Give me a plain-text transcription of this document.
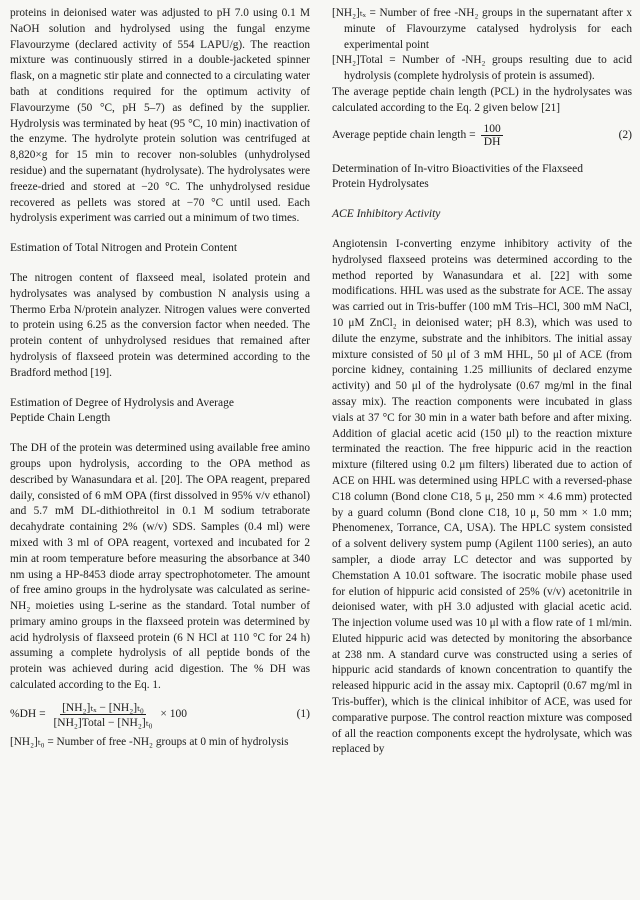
proteins in deionised water was adjusted to pH 7.0 using 0.1 M NaOH solution and hydrolysed using the fungal enzyme Flavourzyme (declared activity of 554 LAPU/g). The reaction mixture was continuously stirred in a double-jacketed spinner flask, on a magnetic stir plate and connected to a circulating water bath at conditions required for the optimum activity of Flavourzyme (50 °C, pH 5–7) as defined by the supplier. Hydrolysis was terminated by heat (95 °C, 10 min) inactivation of the enzyme. The hydrolyte protein solution was centrifuged at 8,820×g for 15 min to recover non-solubles (unhydrolysed residue) and the supernatant (hydrolysate). The hydrolysates were freeze-dried and stored at −20 °C. The unhydrolysed residue recovered as pellets was stored at −70 °C until used. Each hydrolysis experiment was carried out a minimum of two times.

Estimation of Total Nitrogen and Protein Content

The nitrogen content of flaxseed meal, isolated protein and hydrolysates was analysed by combustion N analysis using a Thermo Erba N/protein analyzer. Nitrogen values were converted to protein using 6.25 as the conversion factor when needed. The protein content of unhydrolysed residues that remained after hydrolysis of flaxseed protein was determined according to the Bradford method [19].

Estimation of Degree of Hydrolysis and Average
Peptide Chain Length

The DH of the protein was determined using available free amino groups upon hydrolysis, according to the OPA method as described by Wanasundara et al. [20]. The OPA reagent, prepared daily, consisted of 6 mM OPA (first dissolved in 95% v/v ethanol) and 5.7 mM DL-dithiothreitol in 0.1 M sodium tetraborate decahydrate containing 2% (w/v) SDS. Samples (0.4 ml) were mixed with 3 ml of OPA reagent, vortexed and incubated for 2 min at room temperature before measuring the absorbance at 340 nm using a HP-8453 diode array spectrophotometer. The amount of free amino groups in the hydrolysate was calculated as serine-NH₂ moieties using L-serine as the standard. Total number of primary amino groups in the flaxseed protein was determined by acid hydrolysis of flaxseed protein (6 N HCl at 110 °C for 24 h) assuming a complete hydrolysis of all peptide bonds of the protein was achieved during acid digestion. The % DH was calculated according to the Eq. 1.

$\%DH = \frac{\text{[NH₂]ₜₓ − [NH₂]ₜ₀}}{\text{[NH₂]Total − [NH₂]ₜ₀}} \times 100$	(1)

[NH₂]ₜ₀ = Number of free -NH₂ groups at 0 min of hydrolysis

[NH₂]ₜₓ = Number of free -NH₂ groups in the supernatant after x minute of Flavourzyme catalysed hydrolysis for each experimental point

[NH₂]Total = Number of -NH₂ groups resulting due to acid hydrolysis (complete hydrolysis of protein is assumed).

The average peptide chain length (PCL) in the hydrolysates was calculated according to the Eq. 2 given below [21]

Average peptide chain length = $\frac{100}{DH}$	(2)
Determination of In-vitro Bioactivities of the Flaxseed
Protein Hydrolysates
ACE Inhibitory Activity

Angiotensin I-converting enzyme inhibitory activity of the hydrolysed flaxseed proteins was determined according to the method reported by Wanasundara et al. [22] with some modifications. HHL was used as the substrate for ACE. The assay was carried out in Tris-buffer (100 mM Tris–HCl, 300 mM NaCl, 10 μM ZnCl₂ in deionised water; pH 8.3), which was used to dilute the enzyme, substrate and the inhibitors. The initial assay mixture consisted of 50 μl of 3 mM HHL, 50 μl of ACE (from porcine kidney, containing 1.25 milliunits of declared enzyme activity) and 50 μl of the hydrolysate (0.67 mg/ml in the final assay mix). The reaction components were incubated in glass vials at 37 °C for 30 min in a water bath before and after mixing. Addition of glacial acetic acid (150 μl) to the reaction mixture terminated the reaction. The free hippuric acid in the reaction mixture (filtered using 0.2 μm filters) liberated due to action of ACE on HHL was determined using HPLC with a reversed-phase C18 column (Bond clone C18, 5 μ, 250 mm × 4.6 mm) protected by a guard column (Bond clone C18, 10 μ, 50 mm × 1.0 mm; Phenomenex, Torrance, CA, USA). The HPLC system consisted of a solvent delivery system pump (Agilent 1100 series), an auto sampler, a diode array LC detector and was supported by Chemstation A 10.01 software. The isocratic mobile phase used for elution of hippuric acid consisted of 25% (v/v) acetonitrile in deionised water, with pH 3.0 adjusted with glacial acetic acid. The injection volume used was 10 μl with a flow rate of 1 ml/min. Eluted hippuric acid was detected by monitoring the absorbance at 238 nm. A standard curve was constructed using a series of hippuric acid standards of known concentration to quantify the released hippuric acid in the assay mix. Captopril (0.67 mg/ml in Tris-buffer), which is the clinical inhibitor of ACE, was used for comparative purpose. The control reaction mixture was composed of all the reaction components except the hydrolysate, which was replaced by
